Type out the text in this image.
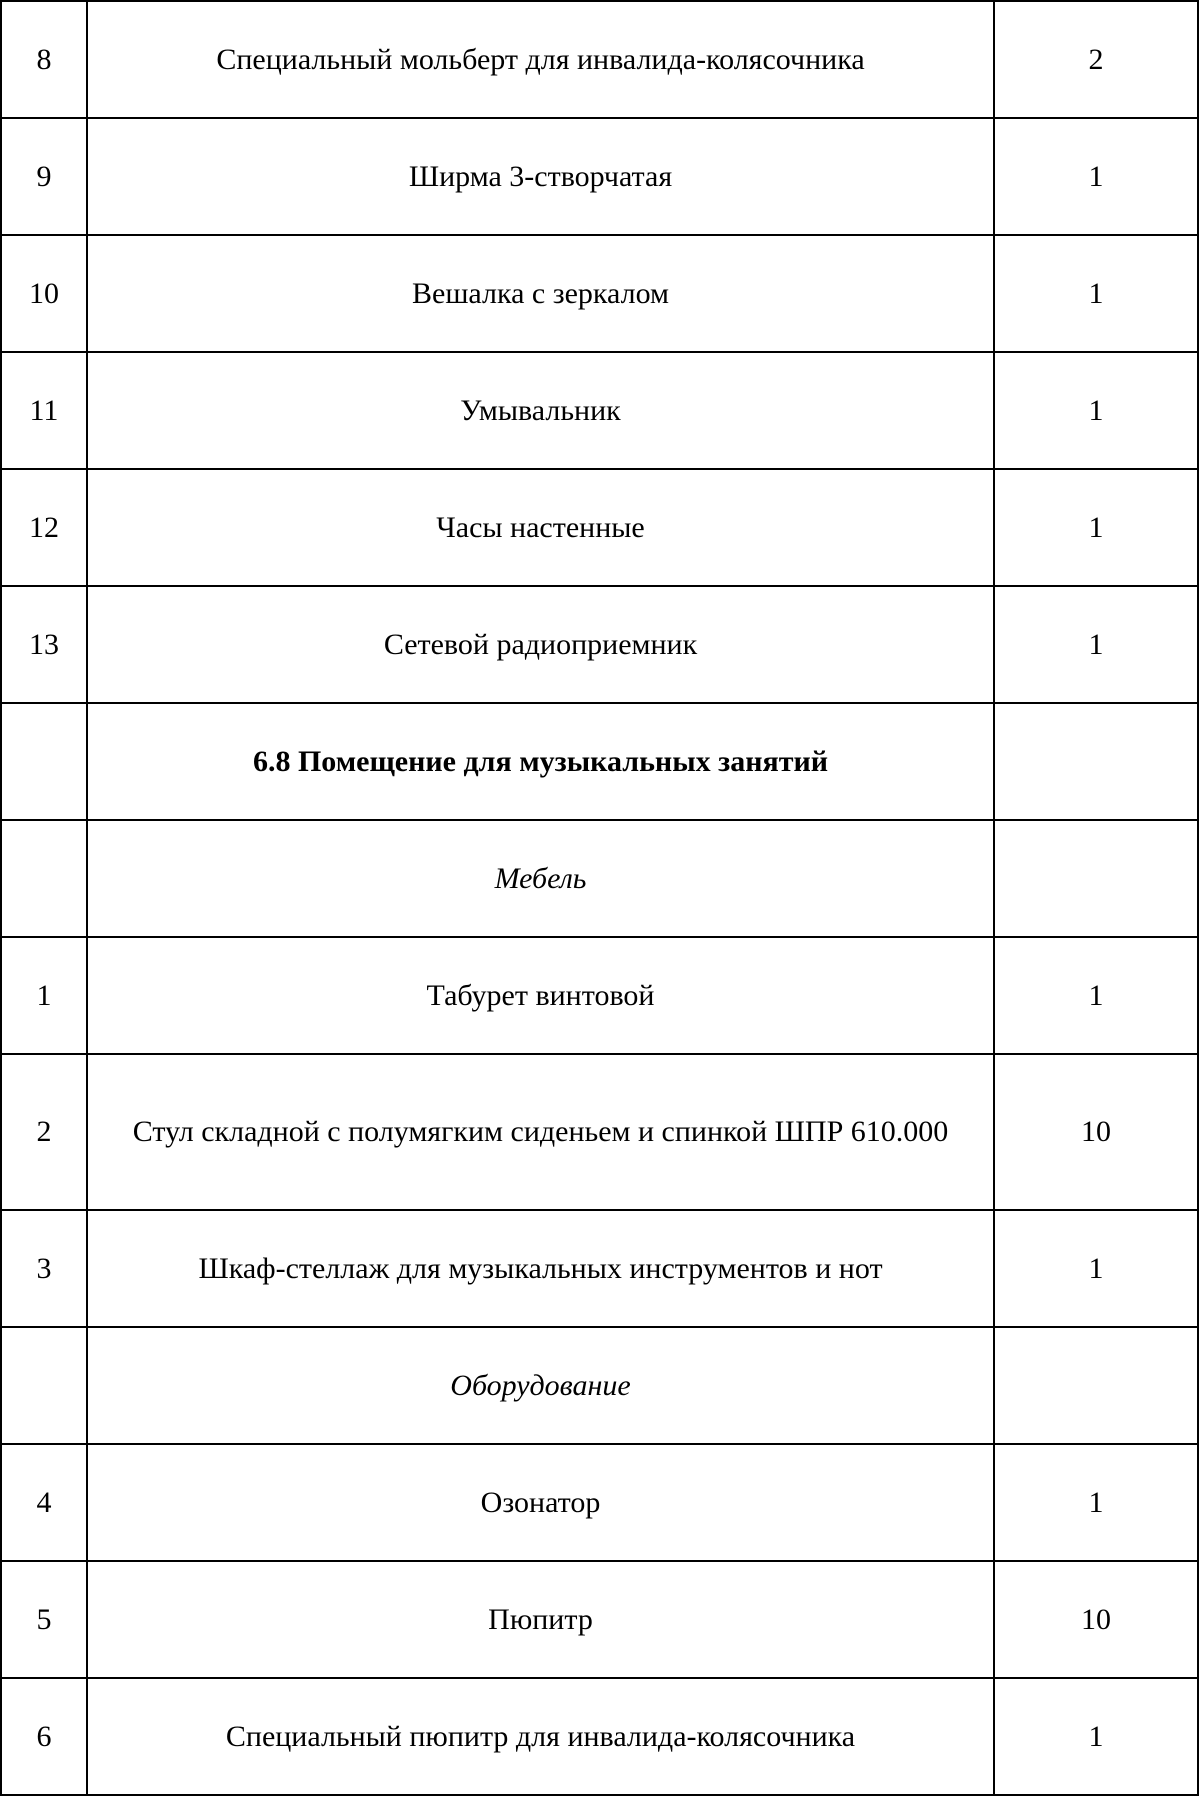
8	Специальный мольберт для инвалида-колясочника	2
9	Ширма 3-створчатая	1
10	Вешалка с зеркалом	1
11	Умывальник	1
12	Часы настенные	1
13	Сетевой радиоприемник	1
	6.8 Помещение для музыкальных занятий	
	Мебель	
1	Табурет винтовой	1
2	Стул складной с полумягким сиденьем и спинкой ШПР 610.000	10
3	Шкаф-стеллаж для музыкальных инструментов и нот	1
	Оборудование	
4	Озонатор	1
5	Пюпитр	10
6	Специальный пюпитр для инвалида-колясочника	1
